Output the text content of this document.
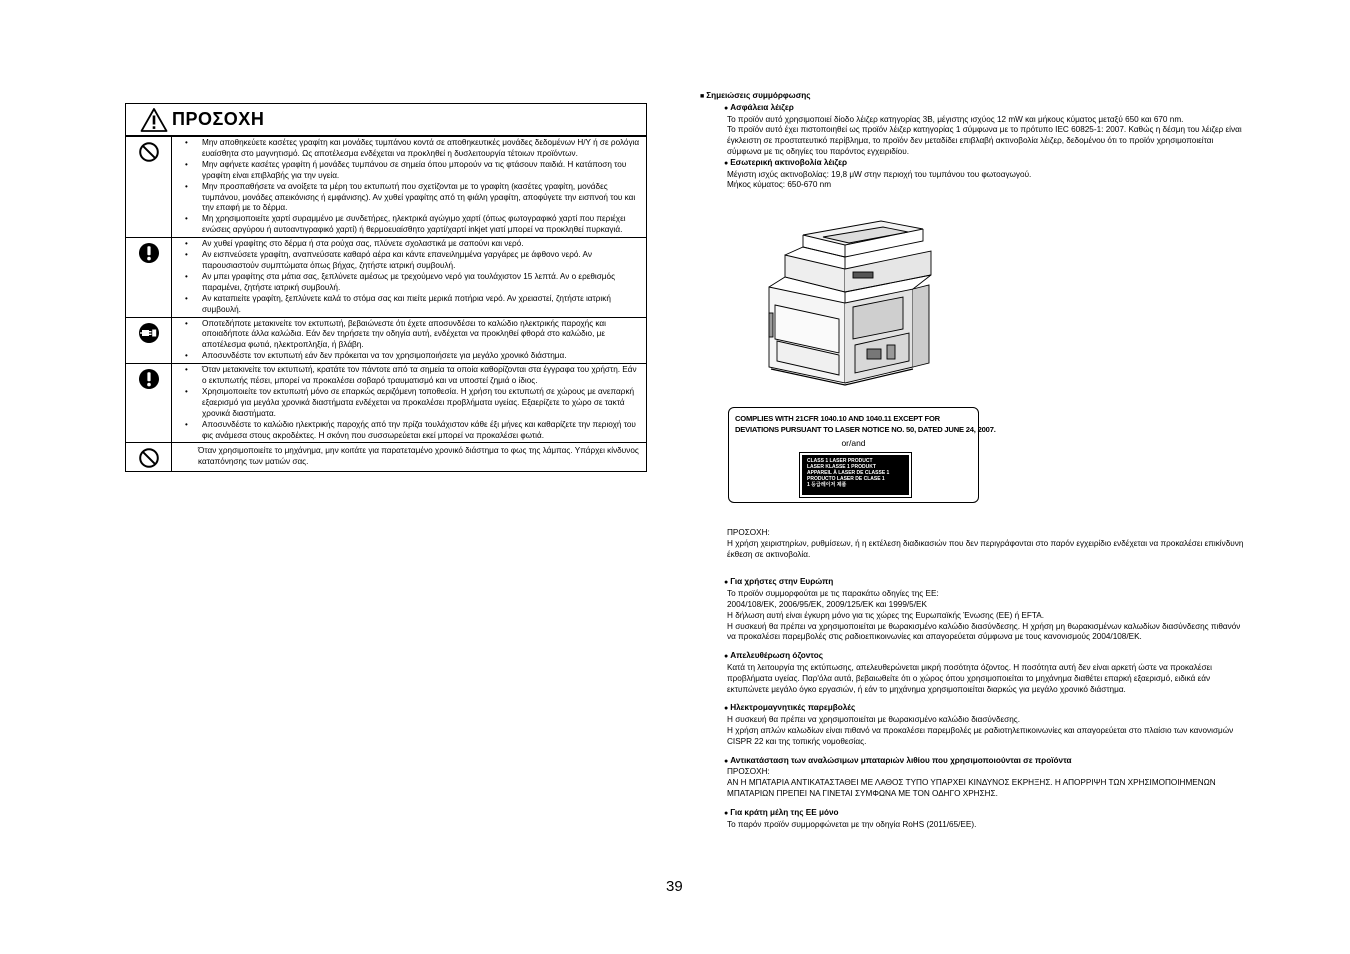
ΠΡΟΣΟΧΗ
• Μην αποθηκεύετε κασέτες γραφίτη και μονάδες τυμπάνου κοντά σε αποθηκευτικές μονάδες δεδομένων Η/Υ ή σε ρολόγια ευαίσθητα στο μαγνητισμό. Ως αποτέλεσμα ενδέχεται να προκληθεί η δυσλειτουργία τέτοιων προϊόντων.
• Μην αφήνετε κασέτες γραφίτη ή μονάδες τυμπάνου σε σημεία όπου μπορούν να τις φτάσουν παιδιά. Η κατάποση του γραφίτη είναι επιβλαβής για την υγεία.
• Μην προσπαθήσετε να ανοίξετε τα μέρη του εκτυπωτή που σχετίζονται με το γραφίτη (κασέτες γραφίτη, μονάδες τυμπάνου, μονάδες απεικόνισης ή εμφάνισης). Αν χυθεί γραφίτης από τη φιάλη γραφίτη, αποφύγετε την εισπνοή του και την επαφή με το δέρμα.
• Μη χρησιμοποιείτε χαρτί συραμμένο με συνδετήρες, ηλεκτρικά αγώγιμο χαρτί (όπως φωτογραφικό χαρτί που περιέχει ενώσεις αργύρου ή αυτοαντιγραφικό χαρτί) ή θερμοευαίσθητο χαρτί/χαρτί inkjet γιατί μπορεί να προκληθεί πυρκαγιά.
• Αν χυθεί γραφίτης στο δέρμα ή στα ρούχα σας, πλύνετε σχολαστικά με σαπούνι και νερό.
• Αν εισπνεύσετε γραφίτη, αναπνεύσατε καθαρό αέρα και κάντε επανειλημμένα γαργάρες με άφθονο νερό. Αν παρουσιαστούν συμπτώματα όπως βήχας, ζητήστε ιατρική συμβουλή.
• Αν μπει γραφίτης στα μάτια σας, ξεπλύνετε αμέσως με τρεχούμενο νερό για τουλάχιστον 15 λεπτά. Αν ο ερεθισμός παραμένει, ζητήστε ιατρική συμβουλή.
• Αν καταπιείτε γραφίτη, ξεπλύνετε καλά το στόμα σας και πιείτε μερικά ποτήρια νερό. Αν χρειαστεί, ζητήστε ιατρική συμβουλή.
• Οποτεδήποτε μετακινείτε τον εκτυπωτή, βεβαιώνεστε ότι έχετε αποσυνδέσει το καλώδιο ηλεκτρικής παροχής και οποιαδήποτε άλλα καλώδια. Εάν δεν τηρήσετε την οδηγία αυτή, ενδέχεται να προκληθεί φθορά στο καλώδιο, με αποτέλεσμα φωτιά, ηλεκτροπληξία, ή βλάβη.
• Αποσυνδέστε τον εκτυπωτή εάν δεν πρόκειται να τον χρησιμοποιήσετε για μεγάλο χρονικό διάστημα.
• Όταν μετακινείτε τον εκτυπωτή, κρατάτε τον πάντοτε από τα σημεία τα οποία καθορίζονται στα έγγραφα του χρήστη. Εάν ο εκτυπωτής πέσει, μπορεί να προκαλέσει σοβαρό τραυματισμό και να υποστεί ζημιά ο ίδιος.
• Χρησιμοποιείτε τον εκτυπωτή μόνο σε επαρκώς αεριζόμενη τοποθεσία. Η χρήση του εκτυπωτή σε χώρους με ανεπαρκή εξαερισμό για μεγάλα χρονικά διαστήματα ενδέχεται να προκαλέσει προβλήματα υγείας. Εξαερίζετε το χώρο σε τακτά χρονικά διαστήματα.
• Αποσυνδέστε το καλώδιο ηλεκτρικής παροχής από την πρίζα τουλάχιστον κάθε έξι μήνες και καθαρίζετε την περιοχή του φις ανάμεσα στους ακροδέκτες. Η σκόνη που συσσωρεύεται εκεί μπορεί να προκαλέσει φωτιά.
Όταν χρησιμοποιείτε το μηχάνημα, μην κοιτάτε για παρατεταμένο χρονικό διάστημα το φως της λάμπας. Υπάρχει κίνδυνος καταπόνησης των ματιών σας.
■ Σημειώσεις συμμόρφωσης
● Ασφάλεια λέιζερ
Το προϊόν αυτό χρησιμοποιεί δίοδο λέιζερ κατηγορίας 3B, μέγιστης ισχύος 12 mW και μήκους κύματος μεταξύ 650 και 670 nm.
Το προϊόν αυτό έχει πιστοποιηθεί ως προϊόν λέιζερ κατηγορίας 1 σύμφωνα με το πρότυπο IEC 60825-1: 2007. Καθώς η δέσμη του λέιζερ είναι έγκλειστη σε προστατευτικό περίβλημα, το προϊόν δεν μεταδίδει επιβλαβή ακτινοβολία λέιζερ, δεδομένου ότι το προϊόν χρησιμοποιείται σύμφωνα με τις οδηγίες του παρόντος εγχειριδίου.
● Εσωτερική ακτινοβολία λέιζερ
Μέγιστη ισχύς ακτινοβολίας: 19,8 μW στην περιοχή του τυμπάνου του φωτοαγωγού.
Μήκος κύματος: 650-670 nm
COMPLIES WITH 21CFR 1040.10 AND 1040.11 EXCEPT FOR
DEVIATIONS PURSUANT TO LASER NOTICE NO. 50, DATED JUNE 24, 2007.
or/and
CLASS 1 LASER PRODUCT
LASER KLASSE 1 PRODUKT
APPAREIL À LASER DE CLASSE 1
PRODUCTO LASER DE CLASE 1
1 등급레이저 제품
ΠΡΟΣΟΧΗ:
Η χρήση χειριστηρίων, ρυθμίσεων, ή η εκτέλεση διαδικασιών που δεν περιγράφονται στο παρόν εγχειρίδιο ενδέχεται να προκαλέσει επικίνδυνη έκθεση σε ακτινοβολία.
● Για χρήστες στην Ευρώπη
Το προϊόν συμμορφούται με τις παρακάτω οδηγίες της ΕΕ:
2004/108/EK, 2006/95/EK, 2009/125/EK και 1999/5/EK
Η δήλωση αυτή είναι έγκυρη μόνο για τις χώρες της Ευρωπαϊκής Ένωσης (ΕΕ) ή EFTA.
Η συσκευή θα πρέπει να χρησιμοποιείται με θωρακισμένο καλώδιο διασύνδεσης. Η χρήση μη θωρακισμένων καλωδίων διασύνδεσης πιθανόν να προκαλέσει παρεμβολές στις ραδιοεπικοινωνίες και απαγορεύεται σύμφωνα με τους κανονισμούς 2004/108/EK.
● Απελευθέρωση όζοντος
Κατά τη λειτουργία της εκτύπωσης, απελευθερώνεται μικρή ποσότητα όζοντος. Η ποσότητα αυτή δεν είναι αρκετή ώστε να προκαλέσει προβλήματα υγείας. Παρ'όλα αυτά, βεβαιωθείτε ότι ο χώρος όπου χρησιμοποιείται το μηχάνημα διαθέτει επαρκή εξαερισμό, ειδικά εάν εκτυπώνετε μεγάλο όγκο εργασιών, ή εάν το μηχάνημα χρησιμοποιείται διαρκώς για μεγάλο χρονικό διάστημα.
● Ηλεκτρομαγνητικές παρεμβολές
Η συσκευή θα πρέπει να χρησιμοποιείται με θωρακισμένο καλώδιο διασύνδεσης.
Η χρήση απλών καλωδίων είναι πιθανό να προκαλέσει παρεμβολές με ραδιοτηλεπικοινωνίες και απαγορεύεται στο πλαίσιο των κανονισμών CISPR 22 και της τοπικής νομοθεσίας.
● Αντικατάσταση των αναλώσιμων μπαταριών λιθίου που χρησιμοποιούνται σε προϊόντα
ΠΡΟΣΟΧΗ:
ΑΝ Η ΜΠΑΤΑΡΙΑ ΑΝΤΙΚΑΤΑΣΤΑΘΕΙ ΜΕ ΛΑΘΟΣ ΤΥΠΟ ΥΠΑΡΧΕΙ ΚΙΝΔΥΝΟΣ ΕΚΡΗΞΗΣ. Η ΑΠΟΡΡΙΨΗ ΤΩΝ ΧΡΗΣΙΜΟΠΟΙΗΜΕΝΩΝ ΜΠΑΤΑΡΙΩΝ ΠΡΕΠΕΙ ΝΑ ΓΙΝΕΤΑΙ ΣΥΜΦΩΝΑ ΜΕ ΤΟΝ ΟΔΗΓΟ ΧΡΗΣΗΣ.
● Για κράτη μέλη της ΕΕ μόνο
Το παρόν προϊόν συμμορφώνεται με την οδηγία RoHS (2011/65/EE).
39
